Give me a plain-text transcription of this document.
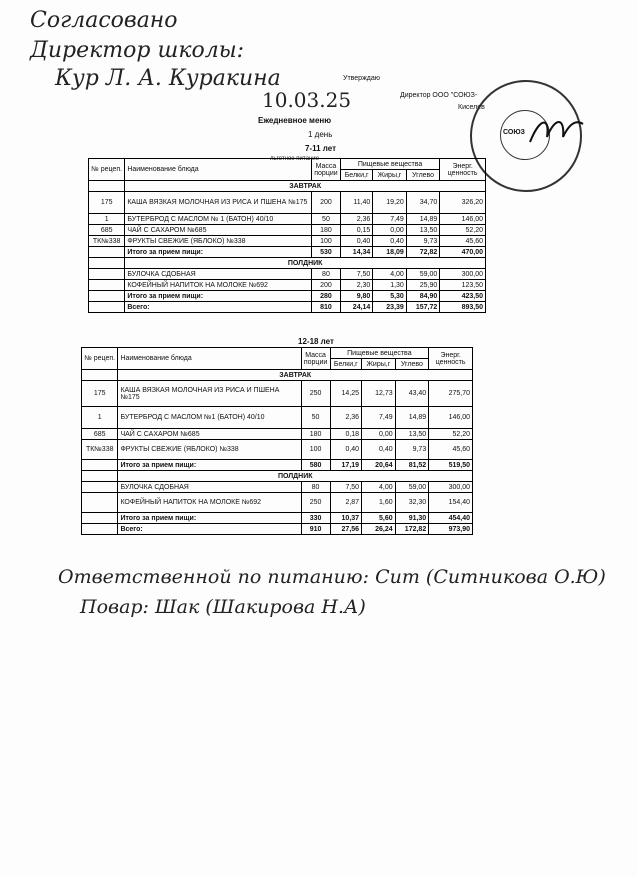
Согласовано
Директор школы:
Кур Л. А. Куракина	Утверждаю
Директор ООО "СОЮЗ-
Киселев
10.03.25
Ежедневное меню
1 день
7-11 лет
льготное питание
СОЮЗ
№ рецеп.	Наименование блюда	Масса порции	Пищевые вещества			Энерг. ценность
			Белки,г	Жиры,г	Углево	
	ЗАВТРАК					
175	КАША ВЯЗКАЯ МОЛОЧНАЯ ИЗ РИСА И ПШЕНА №175	200	11,40	19,20	34,70	326,20
1	БУТЕРБРОД С МАСЛОМ № 1 (БАТОН) 40/10	50	2,36	7,49	14,89	146,00
685	ЧАЙ С САХАРОМ №685	180	0,15	0,00	13,50	52,20
ТК№338	ФРУКТЫ СВЕЖИЕ (ЯБЛОКО) №338	100	0,40	0,40	9,73	45,60
	Итого за прием пищи:	530	14,34	18,09	72,82	470,00
	ПОЛДНИК					
	БУЛОЧКА СДОБНАЯ	80	7,50	4,00	59,00	300,00
	КОФЕЙНЫЙ НАПИТОК НА МОЛОКЕ №692	200	2,30	1,30	25,90	123,50
	Итого за прием пищи:	280	9,80	5,30	84,90	423,50
	Всего:	810	24,14	23,39	157,72	893,50
12-18 лет
№ рецеп.	Наименование блюда	Масса порции	Пищевые вещества			Энерг. ценность
			Белки,г	Жиры,г	Углево	
	ЗАВТРАК					
175	КАША ВЯЗКАЯ МОЛОЧНАЯ ИЗ РИСА И ПШЕНА №175	250	14,25	12,73	43,40	275,70
1	БУТЕРБРОД С МАСЛОМ №1 (БАТОН) 40/10	50	2,36	7,49	14,89	146,00
685	ЧАЙ С САХАРОМ №685	180	0,18	0,00	13,50	52,20
ТК№338	ФРУКТЫ СВЕЖИЕ (ЯБЛОКО) №338	100	0,40	0,40	9,73	45,60
	Итого за прием пищи:	580	17,19	20,64	81,52	519,50
	ПОЛДНИК					
	БУЛОЧКА СДОБНАЯ	80	7,50	4,00	59,00	300,00
	КОФЕЙНЫЙ НАПИТОК НА МОЛОКЕ №692	250	2,87	1,60	32,30	154,40
	Итого за прием пищи:	330	10,37	5,60	91,30	454,40
	Всего:	910	27,56	26,24	172,82	973,90
Ответственной по питанию: Сит (Ситникова О.Ю)
Повар: Шак (Шакирова Н.А)
